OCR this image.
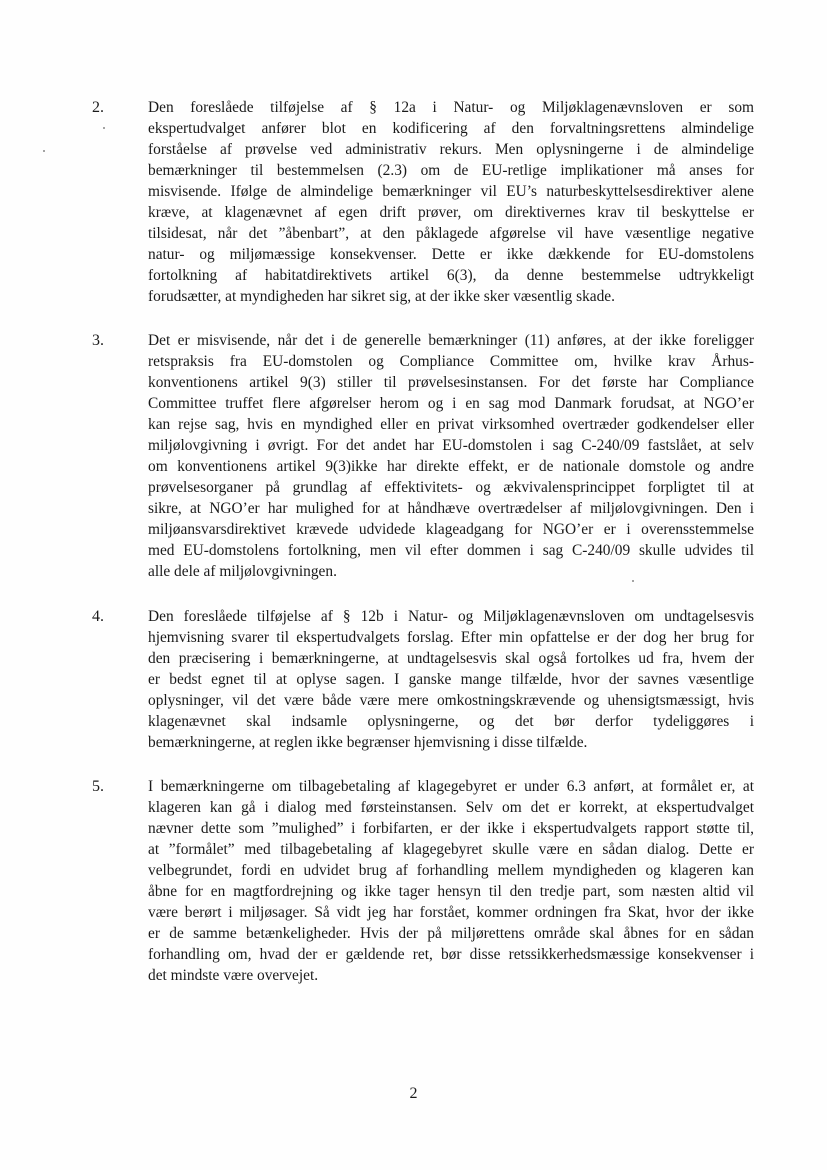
2.	Den foreslåede tilføjelse af § 12a i Natur- og Miljøklagenævnsloven er som
ekspertudvalget anfører blot en kodificering af den forvaltningsrettens almindelige
forståelse af prøvelse ved administrativ rekurs. Men oplysningerne i de almindelige
bemærkninger til bestemmelsen (2.3) om de EU-retlige implikationer må anses for
misvisende. Ifølge de almindelige bemærkninger vil EU’s naturbeskyttelsesdirektiver alene
kræve, at klagenævnet af egen drift prøver, om direktivernes krav til beskyttelse er
tilsidesat, når det ”åbenbart”, at den påklagede afgørelse vil have væsentlige negative
natur- og miljømæssige konsekvenser. Dette er ikke dækkende for EU-domstolens
fortolkning af habitatdirektivets artikel 6(3), da denne bestemmelse udtrykkeligt
forudsætter, at myndigheden har sikret sig, at der ikke sker væsentlig skade.
3.	Det er misvisende, når det i de generelle bemærkninger (11) anføres, at der ikke foreligger
retspraksis fra EU-domstolen og Compliance Committee om, hvilke krav Århus-
konventionens artikel 9(3) stiller til prøvelsesinstansen. For det første har Compliance
Committee truffet flere afgørelser herom og i en sag mod Danmark forudsat, at NGO’er
kan rejse sag, hvis en myndighed eller en privat virksomhed overtræder godkendelser eller
miljølovgivning i øvrigt. For det andet har EU-domstolen i sag C-240/09 fastslået, at selv
om konventionens artikel 9(3)ikke har direkte effekt, er de nationale domstole og andre
prøvelsesorganer på grundlag af effektivitets- og ækvivalensprincippet forpligtet til at
sikre, at NGO’er har mulighed for at håndhæve overtrædelser af miljølovgivningen. Den i
miljøansvarsdirektivet krævede udvidede klageadgang for NGO’er er i overensstemmelse
med EU-domstolens fortolkning, men vil efter dommen i sag C-240/09 skulle udvides til
alle dele af miljølovgivningen.
4.	Den foreslåede tilføjelse af § 12b i Natur- og Miljøklagenævnsloven om undtagelsesvis
hjemvisning svarer til ekspertudvalgets forslag. Efter min opfattelse er der dog her brug for
den præcisering i bemærkningerne, at undtagelsesvis skal også fortolkes ud fra, hvem der
er bedst egnet til at oplyse sagen. I ganske mange tilfælde, hvor der savnes væsentlige
oplysninger, vil det være både være mere omkostningskrævende og uhensigtsmæssigt, hvis
klagenævnet skal indsamle oplysningerne, og det bør derfor tydeliggøres i
bemærkningerne, at reglen ikke begrænser hjemvisning i disse tilfælde.
5.	I bemærkningerne om tilbagebetaling af klagegebyret er under 6.3 anført, at formålet er, at
klageren kan gå i dialog med førsteinstansen. Selv om det er korrekt, at ekspertudvalget
nævner dette som ”mulighed” i forbifarten, er der ikke i ekspertudvalgets rapport støtte til,
at ”formålet” med tilbagebetaling af klagegebyret skulle være en sådan dialog. Dette er
velbegrundet, fordi en udvidet brug af forhandling mellem myndigheden og klageren kan
åbne for en magtfordrejning og ikke tager hensyn til den tredje part, som næsten altid vil
være berørt i miljøsager. Så vidt jeg har forstået, kommer ordningen fra Skat, hvor der ikke
er de samme betænkeligheder. Hvis der på miljørettens område skal åbnes for en sådan
forhandling om, hvad der er gældende ret, bør disse retssikkerhedsmæssige konsekvenser i
det mindste være overvejet.
2
